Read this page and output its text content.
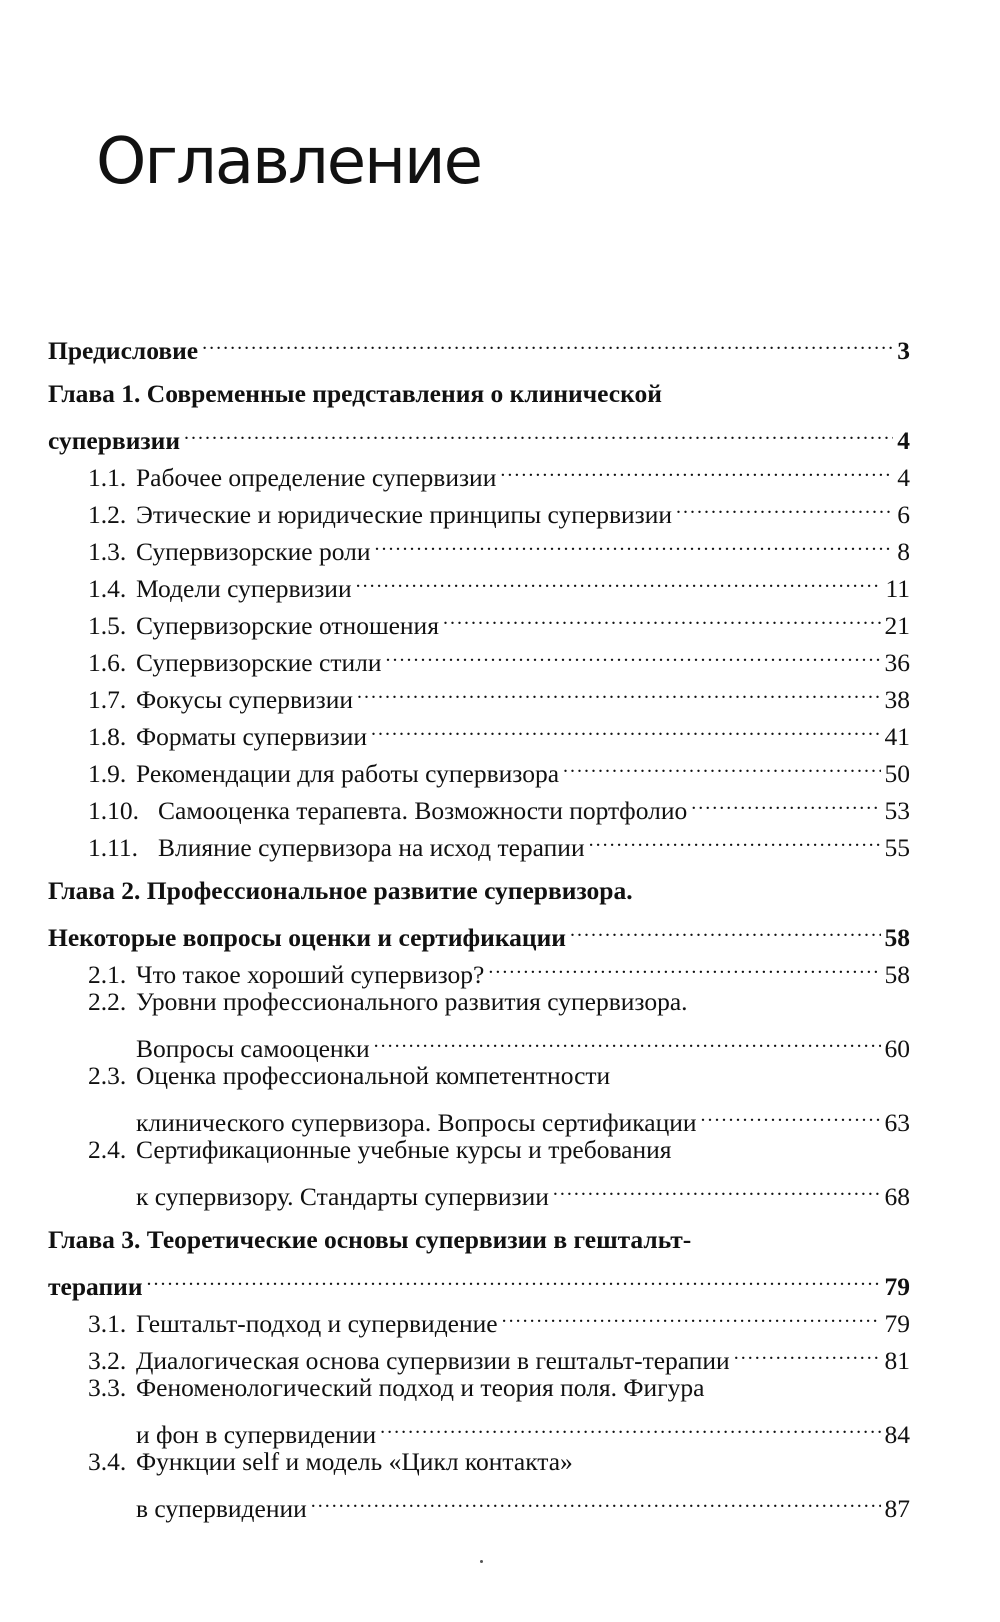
Оглавление
Предисловие .....	3
Глава 1. Современные представления о клинической
супервизии .....	4
1.1. Рабочее определение супервизии .....	4
1.2. Этические и юридические принципы супервизии .....	6
1.3. Супервизорские роли .....	8
1.4. Модели супервизии .....	11
1.5. Супервизорские отношения .....	21
1.6. Супервизорские стили .....	36
1.7. Фокусы супервизии .....	38
1.8. Форматы супервизии .....	41
1.9. Рекомендации для работы супервизора .....	50
1.10. Самооценка терапевта. Возможности портфолио .....	53
1.11. Влияние супервизора на исход терапии .....	55
Глава 2. Профессиональное развитие супервизора.
Некоторые вопросы оценки и сертификации .....	58
2.1. Что такое хороший супервизор? .....	58
2.2. Уровни профессионального развития супервизора.
Вопросы самооценки .....	60
2.3. Оценка профессиональной компетентности
клинического супервизора. Вопросы сертификации .....	63
2.4. Сертификационные учебные курсы и требования
к супервизору. Стандарты супервизии .....	68
Глава 3. Теоретические основы супервизии в гештальт-
терапии .....	79
3.1. Гештальт-подход и супервидение .....	79
3.2. Диалогическая основа супервизии в гештальт-терапии .....	81
3.3. Феноменологический подход и теория поля. Фигура
и фон в супервидении .....	84
3.4. Функции self и модель «Цикл контакта»
в супервидении .....	87
